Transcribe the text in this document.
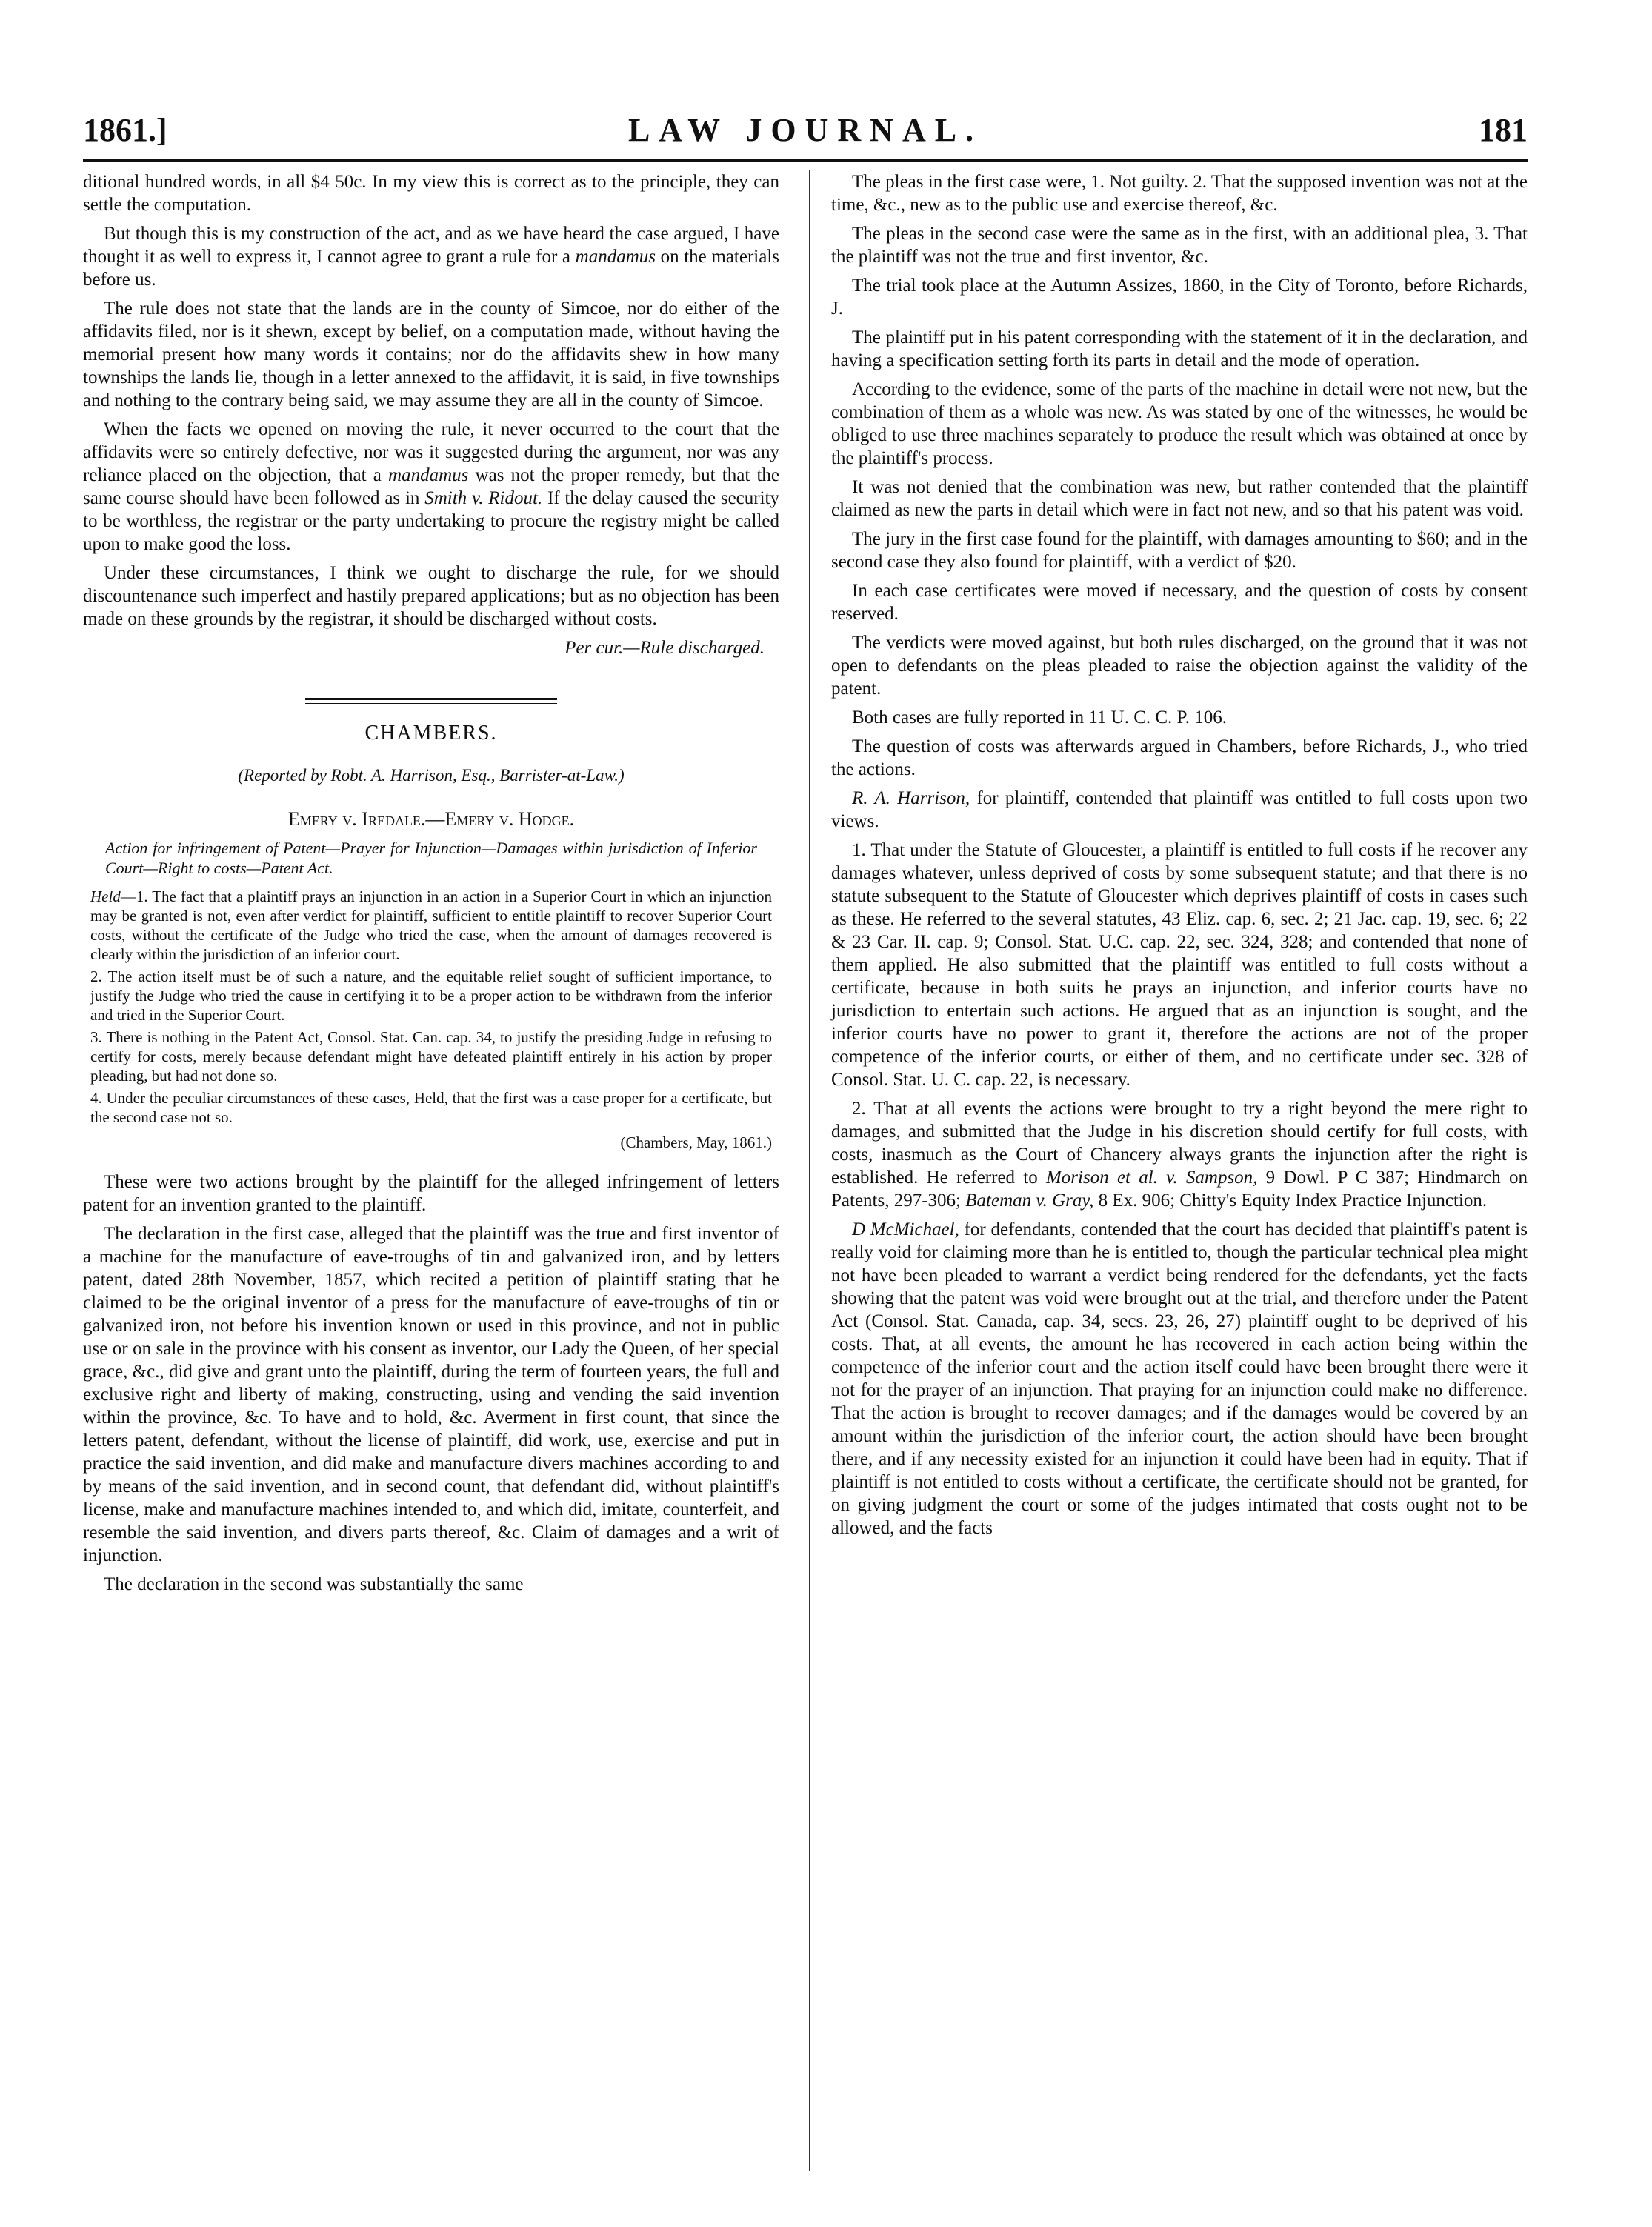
1861.]	LAW JOURNAL.	181

ditional hundred words, in all $4 50c. In my view this is correct as to the principle, they can settle the computation.

But though this is my construction of the act, and as we have heard the case argued, I have thought it as well to express it, I cannot agree to grant a rule for a mandamus on the materials before us.

The rule does not state that the lands are in the county of Simcoe, nor do either of the affidavits filed, nor is it shewn, except by belief, on a computation made, without having the memorial present how many words it contains; nor do the affidavits shew in how many townships the lands lie, though in a letter annexed to the affidavit, it is said, in five townships and nothing to the contrary being said, we may assume they are all in the county of Simcoe.

When the facts we opened on moving the rule, it never occurred to the court that the affidavits were so entirely defective, nor was it suggested during the argument, nor was any reliance placed on the objection, that a mandamus was not the proper remedy, but that the same course should have been followed as in Smith v. Ridout. If the delay caused the security to be worthless, the registrar or the party undertaking to procure the registry might be called upon to make good the loss.

Under these circumstances, I think we ought to discharge the rule, for we should discountenance such imperfect and hastily prepared applications; but as no objection has been made on these grounds by the registrar, it should be discharged without costs.

Per cur.—Rule discharged.
CHAMBERS.
(Reported by Robt. A. Harrison, Esq., Barrister-at-Law.)
Emery v. Iredale.—Emery v. Hodge.

Action for infringement of Patent—Prayer for Injunction—Damages within jurisdiction of Inferior Court—Right to costs—Patent Act.

Held—1. The fact that a plaintiff prays an injunction in an action in a Superior Court in which an injunction may be granted is not, even after verdict for plaintiff, sufficient to entitle plaintiff to recover Superior Court costs, without the certificate of the Judge who tried the case, when the amount of damages recovered is clearly within the jurisdiction of an inferior court.

2. The action itself must be of such a nature, and the equitable relief sought of sufficient importance, to justify the Judge who tried the cause in certifying it to be a proper action to be withdrawn from the inferior and tried in the Superior Court.

3. There is nothing in the Patent Act, Consol. Stat. Can. cap. 34, to justify the presiding Judge in refusing to certify for costs, merely because defendant might have defeated plaintiff entirely in his action by proper pleading, but had not done so.

4. Under the peculiar circumstances of these cases, Held, that the first was a case proper for a certificate, but the second case not so.

(Chambers, May, 1861.)

These were two actions brought by the plaintiff for the alleged infringement of letters patent for an invention granted to the plaintiff.

The declaration in the first case, alleged that the plaintiff was the true and first inventor of a machine for the manufacture of eave-troughs of tin and galvanized iron, and by letters patent, dated 28th November, 1857, which recited a petition of plaintiff stating that he claimed to be the original inventor of a press for the manufacture of eave-troughs of tin or galvanized iron, not before his invention known or used in this province, and not in public use or on sale in the province with his consent as inventor, our Lady the Queen, of her special grace, &c., did give and grant unto the plaintiff, during the term of fourteen years, the full and exclusive right and liberty of making, constructing, using and vending the said invention within the province, &c. To have and to hold, &c. Averment in first count, that since the letters patent, defendant, without the license of plaintiff, did work, use, exercise and put in practice the said invention, and did make and manufacture divers machines according to and by means of the said invention, and in second count, that defendant did, without plaintiff's license, make and manufacture machines intended to, and which did, imitate, counterfeit, and resemble the said invention, and divers parts thereof, &c. Claim of damages and a writ of injunction.

The declaration in the second was substantially the same

The pleas in the first case were, 1. Not guilty. 2. That the supposed invention was not at the time, &c., new as to the public use and exercise thereof, &c.

The pleas in the second case were the same as in the first, with an additional plea, 3. That the plaintiff was not the true and first inventor, &c.

The trial took place at the Autumn Assizes, 1860, in the City of Toronto, before Richards, J.

The plaintiff put in his patent corresponding with the statement of it in the declaration, and having a specification setting forth its parts in detail and the mode of operation.

According to the evidence, some of the parts of the machine in detail were not new, but the combination of them as a whole was new. As was stated by one of the witnesses, he would be obliged to use three machines separately to produce the result which was obtained at once by the plaintiff's process.

It was not denied that the combination was new, but rather contended that the plaintiff claimed as new the parts in detail which were in fact not new, and so that his patent was void.

The jury in the first case found for the plaintiff, with damages amounting to $60; and in the second case they also found for plaintiff, with a verdict of $20.

In each case certificates were moved if necessary, and the question of costs by consent reserved.

The verdicts were moved against, but both rules discharged, on the ground that it was not open to defendants on the pleas pleaded to raise the objection against the validity of the patent.

Both cases are fully reported in 11 U. C. C. P. 106.

The question of costs was afterwards argued in Chambers, before Richards, J., who tried the actions.

R. A. Harrison, for plaintiff, contended that plaintiff was entitled to full costs upon two views.

1. That under the Statute of Gloucester, a plaintiff is entitled to full costs if he recover any damages whatever, unless deprived of costs by some subsequent statute; and that there is no statute subsequent to the Statute of Gloucester which deprives plaintiff of costs in cases such as these. He referred to the several statutes, 43 Eliz. cap. 6, sec. 2; 21 Jac. cap. 19, sec. 6; 22 & 23 Car. II. cap. 9; Consol. Stat. U.C. cap. 22, sec. 324, 328; and contended that none of them applied. He also submitted that the plaintiff was entitled to full costs without a certificate, because in both suits he prays an injunction, and inferior courts have no jurisdiction to entertain such actions. He argued that as an injunction is sought, and the inferior courts have no power to grant it, therefore the actions are not of the proper competence of the inferior courts, or either of them, and no certificate under sec. 328 of Consol. Stat. U. C. cap. 22, is necessary.

2. That at all events the actions were brought to try a right beyond the mere right to damages, and submitted that the Judge in his discretion should certify for full costs, with costs, inasmuch as the Court of Chancery always grants the injunction after the right is established. He referred to Morison et al. v. Sampson, 9 Dowl. P C 387; Hindmarch on Patents, 297-306; Bateman v. Gray, 8 Ex. 906; Chitty's Equity Index Practice Injunction.

D McMichael, for defendants, contended that the court has decided that plaintiff's patent is really void for claiming more than he is entitled to, though the particular technical plea might not have been pleaded to warrant a verdict being rendered for the defendants, yet the facts showing that the patent was void were brought out at the trial, and therefore under the Patent Act (Consol. Stat. Canada, cap. 34, secs. 23, 26, 27) plaintiff ought to be deprived of his costs. That, at all events, the amount he has recovered in each action being within the competence of the inferior court and the action itself could have been brought there were it not for the prayer of an injunction. That praying for an injunction could make no difference. That the action is brought to recover damages; and if the damages would be covered by an amount within the jurisdiction of the inferior court, the action should have been brought there, and if any necessity existed for an injunction it could have been had in equity. That if plaintiff is not entitled to costs without a certificate, the certificate should not be granted, for on giving judgment the court or some of the judges intimated that costs ought not to be allowed, and the facts
